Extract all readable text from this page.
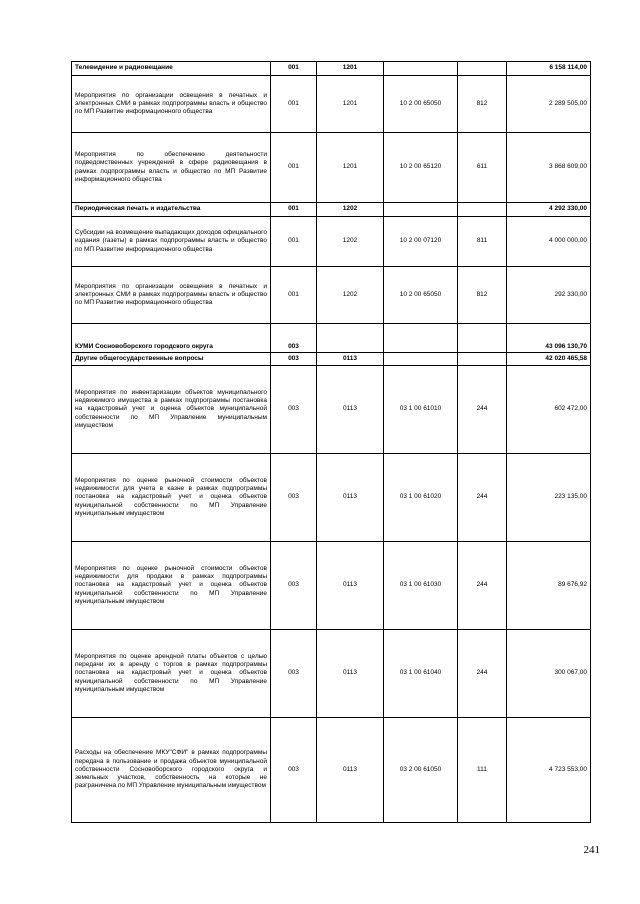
Телевидение и радиовещание	001	1201			6 158 114,00
Мероприятия по организации освещения в печатных и электронных СМИ в рамках подпрограммы власть и общество по МП Развитие информационного общества	001	1201	10 2 00 65050	812	2 289 505,00
Мероприятия по обеспечению деятельности подведомственных учреждений в сфере радиовещания в рамках подпрограммы власть и общество по МП Развитие информационного общества	001	1201	10 2 00 65120	611	3 868 609,00
Периодическая печать и издательства	001	1202			4 292 330,00
Субсидии на возмещение выпадающих доходов официального издания (газеты) в рамках подпрограммы власть и общество по МП Развитие информационного общества	001	1202	10 2 00 07120	811	4 000 000,00
Мероприятия по организации освещения в печатных и электронных СМИ в рамках подпрограммы власть и общество по МП Развитие информационного общества	001	1202	10 2 00 65050	812	292 330,00
КУМИ Сосновоборского городского округа	003				43 096 130,70
Другие общегосударственные вопросы	003	0113			42 020 465,58
Мероприятия по инвентаризации объектов муниципального недвижимого имущества в рамках подпрограммы постановка на кадастровый учет и оценка объектов муниципальной собственности по МП Управление муниципальным имуществом	003	0113	03 1 00 61010	244	602 472,00
Мероприятия по оценке рыночной стоимости объектов недвижимости для учета в казне в рамках подпрограммы постановка на кадастровый учет и оценка объектов муниципальной собственности по МП Управление муниципальным имуществом	003	0113	03 1 00 61020	244	223 135,00
Мероприятия по оценке рыночной стоимости объектов недвижимости для продажи в рамках подпрограммы постановка на кадастровый учет и оценка объектов муниципальной собственности по МП Управление муниципальным имуществом	003	0113	03 1 00 61030	244	89 676,92
Мероприятия по оценке арендной платы объектов с целью передачи их в аренду с торгов в рамках подпрограммы постановка на кадастровый учет и оценка объектов муниципальной собственности по МП Управление муниципальным имуществом	003	0113	03 1 00 61040	244	300 067,00
Расходы на обеспечение МКУ"СФИ" в рамках подпрограммы передача в пользование и продажа объектов муниципальной собственности Сосновоборского городского округа и земельных участков, собственность на которые не разграничена по МП Управление муниципальным имуществом	003	0113	03 2 00 61050	111	4 723 553,00
241
